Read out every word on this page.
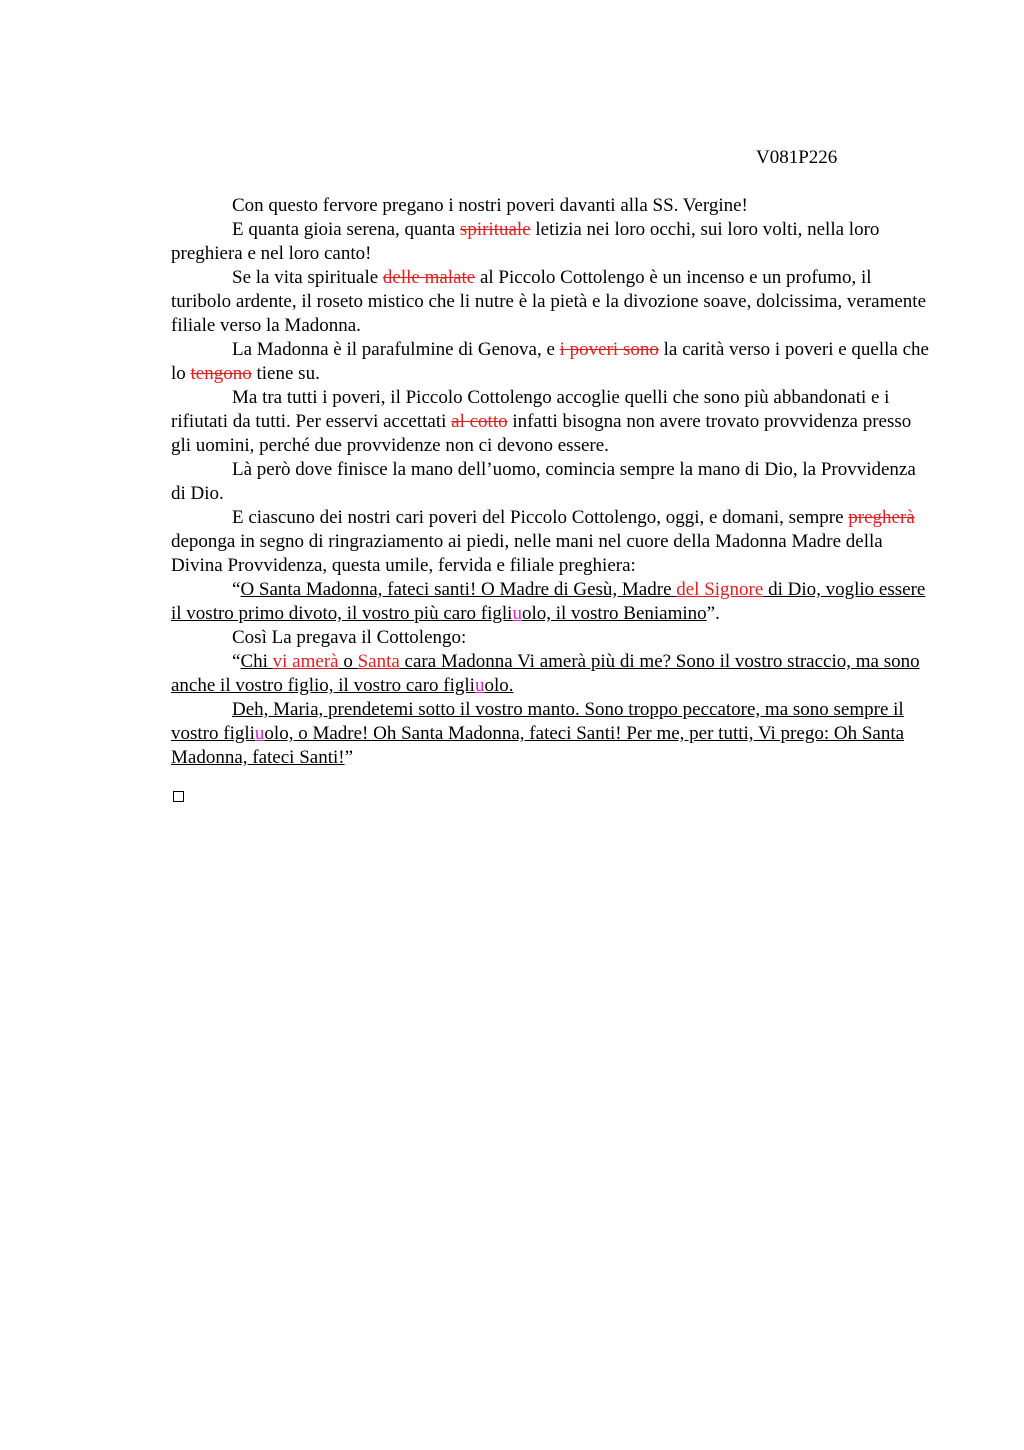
V081P226

Con questo fervore pregano i nostri poveri davanti alla SS. Vergine!

E quanta gioia serena, quanta spirituale letizia nei loro occhi, sui loro volti, nella loro preghiera e nel loro canto!

Se la vita spirituale delle malate al Piccolo Cottolengo è un incenso e un profumo, il turibolo ardente, il roseto mistico che li nutre è la pietà e la divozione soave, dolcissima, veramente filiale verso la Madonna.

La Madonna è il parafulmine di Genova, e i poveri sono la carità verso i poveri e quella che lo tengono tiene su.

Ma tra tutti i poveri, il Piccolo Cottolengo accoglie quelli che sono più abbandonati e i rifiutati da tutti. Per esservi accettati al cotto infatti bisogna non avere trovato provvidenza presso gli uomini, perché due provvidenze non ci devono essere.

Là però dove finisce la mano dell’uomo, comincia sempre la mano di Dio, la Provvidenza di Dio.

E ciascuno dei nostri cari poveri del Piccolo Cottolengo, oggi, e domani, sempre pregherà deponga in segno di ringraziamento ai piedi, nelle mani nel cuore della Madonna Madre della Divina Provvidenza, questa umile, fervida e filiale preghiera:

“O Santa Madonna, fateci santi! O Madre di Gesù, Madre del Signore di Dio, voglio essere il vostro primo divoto, il vostro più caro figliuolo, il vostro Beniamino”.

Così La pregava il Cottolengo:

“Chi vi amerà o Santa cara Madonna Vi amerà più di me? Sono il vostro straccio, ma sono anche il vostro figlio, il vostro caro figliuolo.

Deh, Maria, prendetemi sotto il vostro manto. Sono troppo peccatore, ma sono sempre il vostro figliuolo, o Madre! Oh Santa Madonna, fateci Santi! Per me, per tutti, Vi prego: Oh Santa Madonna, fateci Santi!”
